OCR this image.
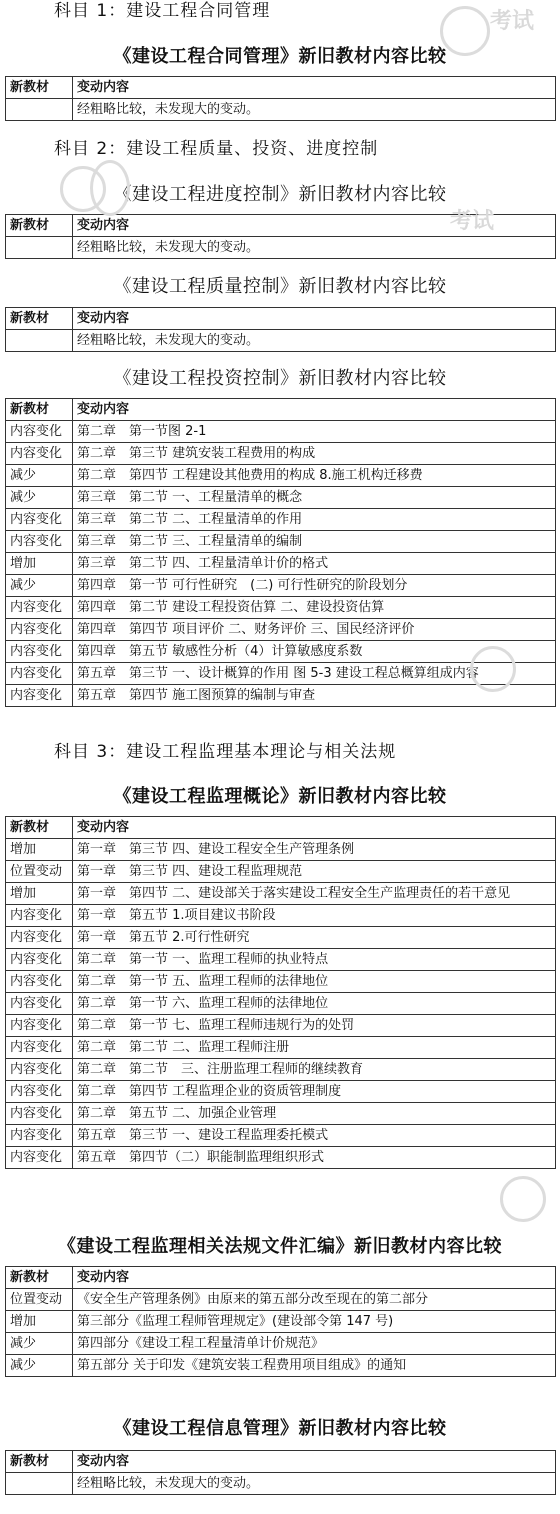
科目 1：建设工程合同管理
《建设工程合同管理》新旧教材内容比较
新教材	变动内容
	经粗略比较，未发现大的变动。
科目 2：建设工程质量、投资、进度控制
《建设工程进度控制》新旧教材内容比较
新教材	变动内容
	经粗略比较，未发现大的变动。
《建设工程质量控制》新旧教材内容比较
新教材	变动内容
	经粗略比较，未发现大的变动。
《建设工程投资控制》新旧教材内容比较
新教材	变动内容
内容变化	第二章　第一节图 2-1
内容变化	第二章　第三节 建筑安装工程费用的构成
减少	第二章　第四节 工程建设其他费用的构成 8.施工机构迁移费
减少	第三章　第二节 一、工程量清单的概念
内容变化	第三章　第二节 二、工程量清单的作用
内容变化	第三章　第二节 三、工程量清单的编制
增加	第三章　第二节 四、工程量清单计价的格式
减少	第四章　第一节 可行性研究　(二) 可行性研究的阶段划分
内容变化	第四章　第二节 建设工程投资估算 二、建设投资估算
内容变化	第四章　第四节 项目评价 二、财务评价 三、国民经济评价
内容变化	第四章　第五节 敏感性分析（4）计算敏感度系数
内容变化	第五章　第三节 一、设计概算的作用 图 5-3 建设工程总概算组成内容
内容变化	第五章　第四节 施工图预算的编制与审查
科目 3：建设工程监理基本理论与相关法规
《建设工程监理概论》新旧教材内容比较
新教材	变动内容
增加	第一章　第三节 四、建设工程安全生产管理条例
位置变动	第一章　第三节 四、建设工程监理规范
增加	第一章　第四节 二、建设部关于落实建设工程安全生产监理责任的若干意见
内容变化	第一章　第五节 1.项目建议书阶段
内容变化	第一章　第五节 2.可行性研究
内容变化	第二章　第一节 一、监理工程师的执业特点
内容变化	第二章　第一节 五、监理工程师的法律地位
内容变化	第二章　第一节 六、监理工程师的法律地位
内容变化	第二章　第一节 七、监理工程师违规行为的处罚
内容变化	第二章　第二节 二、监理工程师注册
内容变化	第二章　第二节　三、注册监理工程师的继续教育
内容变化	第二章　第四节 工程监理企业的资质管理制度
内容变化	第二章　第五节 二、加强企业管理
内容变化	第五章　第三节 一、建设工程监理委托模式
内容变化	第五章　第四节（二）职能制监理组织形式
《建设工程监理相关法规文件汇编》新旧教材内容比较
新教材	变动内容
位置变动	《安全生产管理条例》由原来的第五部分改至现在的第二部分
增加	第三部分《监理工程师管理规定》(建设部令第 147 号)
减少	第四部分《建设工程工程量清单计价规范》
减少	第五部分 关于印发《建筑安装工程费用项目组成》的通知
《建设工程信息管理》新旧教材内容比较
新教材	变动内容
	经粗略比较，未发现大的变动。
考试
考试
